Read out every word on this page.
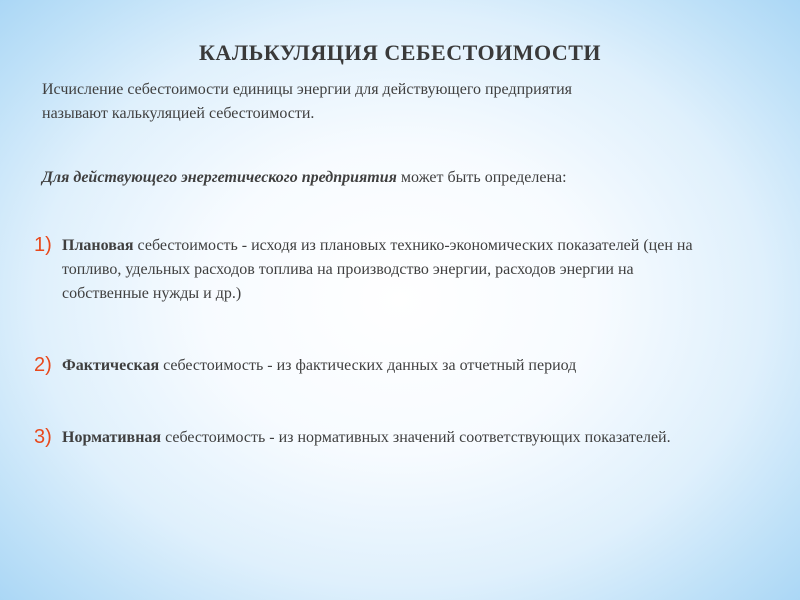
КАЛЬКУЛЯЦИЯ СЕБЕСТОИМОСТИ

Исчисление себестоимости единицы энергии для действующего предприятия
называют калькуляцией себестоимости.

Для действующего энергетического предприятия может быть определена:

1) Плановая себестоимость - исходя из плановых технико-экономических показателей (цен на топливо, удельных расходов топлива на производство энергии, расходов энергии на собственные нужды и др.)
2) Фактическая себестоимость - из фактических данных за отчетный период
3) Нормативная себестоимость - из нормативных значений соответствующих показателей.
